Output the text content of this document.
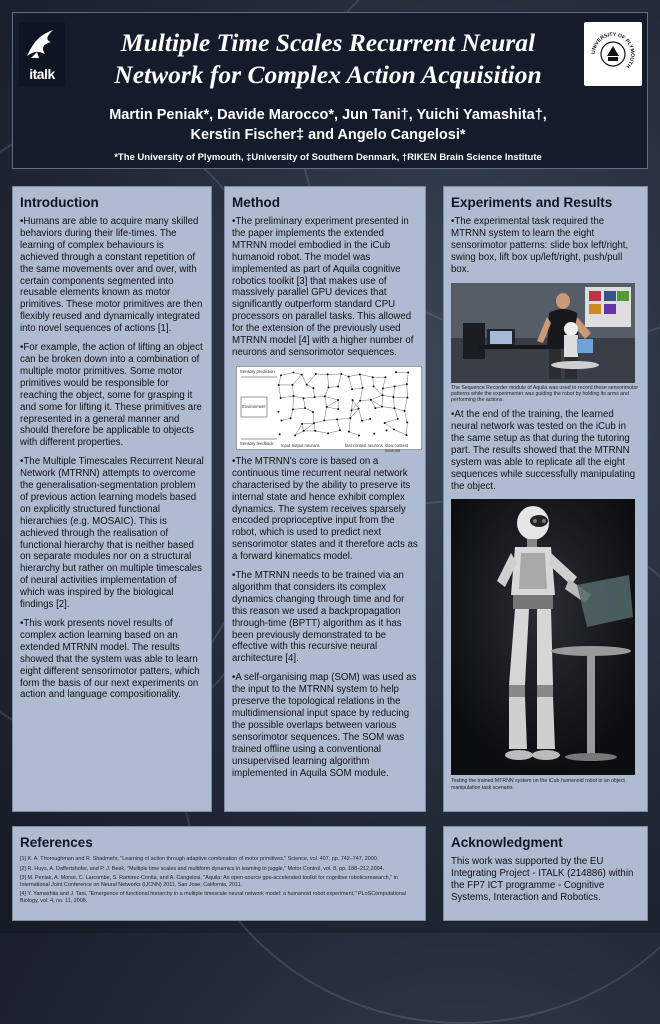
italk
Multiple Time Scales Recurrent Neural
Network for Complex Action Acquisition
Martin Peniak*, Davide Marocco*, Jun Tani†, Yuichi Yamashita†,
Kerstin Fischer‡ and Angelo Cangelosi*
*The University of Plymouth, ‡University of Southern Denmark, †RIKEN Brain Science Institute
UNIVERSITY OF PLYMOUTH
Introduction

•Humans are able to acquire many skilled behaviors during their life-times. The learning of complex behaviours is achieved through a constant repetition of the same movements over and over, with certain components segmented into reusable elements known as motor primitives. These motor primitives are then flexibly reused and dynamically integrated into novel sequences of actions [1].

•For example, the action of lifting an object can be broken down into a combination of multiple motor primitives. Some motor primitives would be responsible for reaching the object, some for grasping it and some for lifting it. These primitives are represented in a general manner and should therefore be applicable to objects with different properties.

•The Multiple Timescales Recurrent Neural Network (MTRNN) attempts to overcome the generalisation-segmentation problem of previous action learning models based on explicitly structured functional hierarchies (e.g. MOSAIC). This is achieved through the realisation of functional hierarchy that is neither based on separate modules nor on a structural hierarchy but rather on multiple timescales of neural activities implementation of which was inspired by the biological findings [2].

•This work presents novel results of complex action learning based on an extended MTRNN model. The results showed that the system was able to learn eight different sensorimotor patters, which form the basis of our next experiments on action and language compositionality.

Method

•The preliminary experiment presented in the paper implements the extended MTRNN model embodied in the iCub humanoid robot. The model was implemented as part of Aquila cognitive robotics toolkit [3] that makes use of massively parallel GPU devices that significantly outperform standard CPU processors on parallel tasks. This allowed for the extension of the previously used MTRNN model [4] with a higher number of neurons and sensorimotor sequences.

Sensory prediction
Environment
Sensory feedback Input-output neurons	fast context neurons slow context neurons

•The MTRNN's core is based on a continuous time recurrent neural network characterised by the ability to preserve its internal state and hence exhibit complex dynamics. The system receives sparsely encoded proprioceptive input from the robot, which is used to predict next sensorimotor states and it therefore acts as a forward kinematics model.

•The MTRNN needs to be trained via an algorithm that considers its complex dynamics changing through time and for this reason we used a backpropagation through-time (BPTT) algorithm as it has been previously demonstrated to be effective with this recursive neural architecture [4].

•A self-organising map (SOM) was used as the input to the MTRNN system to help preserve the topological relations in the multidimensional input space by reducing the possible overlaps between various sensorimotor sequences. The SOM was trained offline using a conventional unsupervised learning algorithm implemented in Aquila SOM module.

Experiments and Results

•The experimental task required the MTRNN system to learn the eight sensorimotor patterns: slide box left/right, swing box, lift box up/left/right, push/pull box.

The Sequence Recorder module of Aquila was used to record these sensorimotor patterns while the experimenter was guiding the robot by holding its arms and performing the actions.

•At the end of the training, the learned neural network was tested on the iCub in the same setup as that during the tutoring part. The results showed that the MTRNN system was able to replicate all the eight sequences while successfully manipulating the object.

Testing the trained MTRNN system on the iCub humanoid robot in an object manipulation task scenario.
References

[1] K. A. Thoroughman and R. Shadmehr, "Learning of action through adaptive combination of motor primitives," Science, vol. 407, pp. 742–747, 2000.

[2] R. Huys, A. Daffertshofer, and P. J. Beek, "Multiple time scales and multiform dynamics in learning to juggle," Motor Control, vol. 8, pp. 188–212,2004.

[3] M. Peniak, A. Morse, C. Larcombe, S. Ramirez-Contla, and A. Cangelosi, "Aquila: An open-source gpu-accelerated toolkit for cognitive roboticsresearch," in International Joint Conference on Neural Networks (IJCNN) 2011, San Jose, California, 2011.

[4] Y. Yamashita and J. Tani, "Emergence of functional hierarchy in a multiple timescale neural network model: a humanoid robot experiment," PLoSComputational Biology, vol. 4, no. 11, 2008.

Acknowledgment

This work was supported by the EU Integrating Project - ITALK (214886) within the FP7 ICT programme - Cognitive Systems, Interaction and Robotics.
